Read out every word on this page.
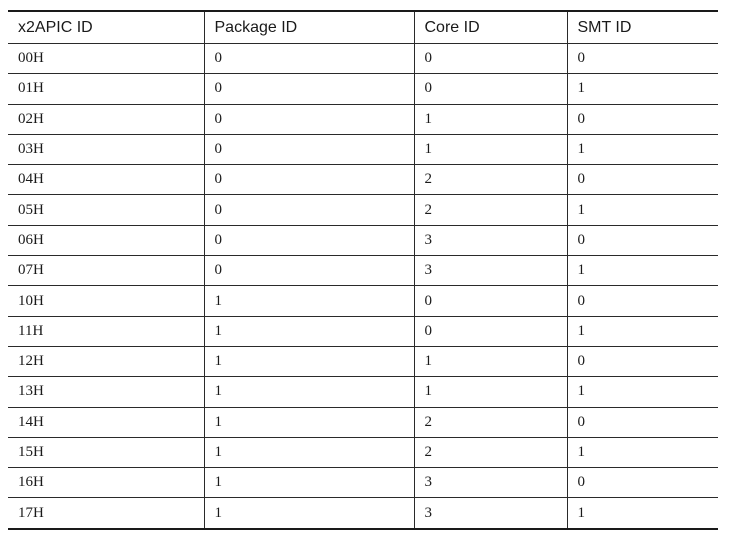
x2APIC ID	Package ID	Core ID	SMT ID
00H	0	0	0
01H	0	0	1
02H	0	1	0
03H	0	1	1
04H	0	2	0
05H	0	2	1
06H	0	3	0
07H	0	3	1
10H	1	0	0
11H	1	0	1
12H	1	1	0
13H	1	1	1
14H	1	2	0
15H	1	2	1
16H	1	3	0
17H	1	3	1
